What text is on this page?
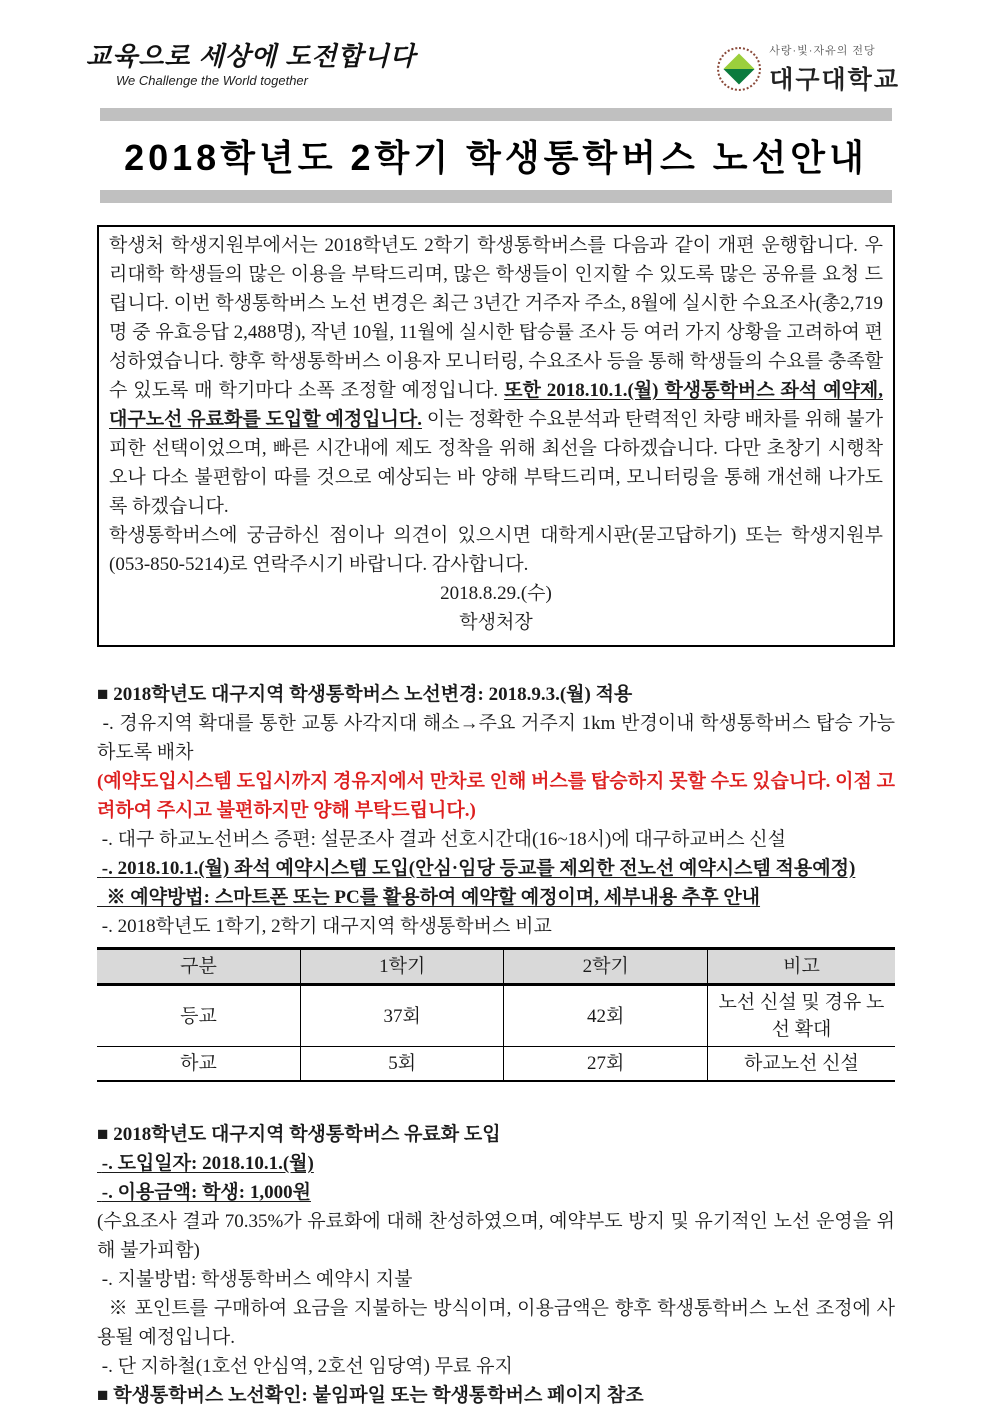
교육으로 세상에 도전합니다
We Challenge the World together
사랑·빛·자유의 전당
대구대학교
2018학년도 2학기 학생통학버스 노선안내

학생처 학생지원부에서는 2018학년도 2학기 학생통학버스를 다음과 같이 개편 운행합니다. 우리대학 학생들의 많은 이용을 부탁드리며, 많은 학생들이 인지할 수 있도록 많은 공유를 요청 드립니다. 이번 학생통학버스 노선 변경은 최근 3년간 거주자 주소, 8월에 실시한 수요조사(총2,719명 중 유효응답 2,488명), 작년 10월, 11월에 실시한 탑승률 조사 등 여러 가지 상황을 고려하여 편성하였습니다. 향후 학생통학버스 이용자 모니터링, 수요조사 등을 통해 학생들의 수요를 충족할 수 있도록 매 학기마다 소폭 조정할 예정입니다. 또한 2018.10.1.(월) 학생통학버스 좌석 예약제, 대구노선 유료화를 도입할 예정입니다. 이는 정확한 수요분석과 탄력적인 차량 배차를 위해 불가피한 선택이었으며, 빠른 시간내에 제도 정착을 위해 최선을 다하겠습니다. 다만 초창기 시행착오나 다소 불편함이 따를 것으로 예상되는 바 양해 부탁드리며, 모니터링을 통해 개선해 나가도록 하겠습니다.

학생통학버스에 궁금하신 점이나 의견이 있으시면 대학게시판(묻고답하기) 또는 학생지원부(053-850-5214)로 연락주시기 바랍니다. 감사합니다.

2018.8.29.(수)

학생처장

■ 2018학년도 대구지역 학생통학버스 노선변경: 2018.9.3.(월) 적용
-. 경유지역 확대를 통한 교통 사각지대 해소→주요 거주지 1km 반경이내 학생통학버스 탑승 가능하도록 배차
(예약도입시스템 도입시까지 경유지에서 만차로 인해 버스를 탑승하지 못할 수도 있습니다. 이점 고려하여 주시고 불편하지만 양해 부탁드립니다.)
-. 대구 하교노선버스 증편: 설문조사 결과 선호시간대(16~18시)에 대구하교버스 신설
-. 2018.10.1.(월) 좌석 예약시스템 도입(안심·임당 등교를 제외한 전노선 예약시스템 적용예정)
※ 예약방법: 스마트폰 또는 PC를 활용하여 예약할 예정이며, 세부내용 추후 안내
-. 2018학년도 1학기, 2학기 대구지역 학생통학버스 비교
구분	1학기	2학기	비고
등교	37회	42회	노선 신설 및 경유 노선 확대
하교	5회	27회	하교노선 신설
■ 2018학년도 대구지역 학생통학버스 유료화 도입
-. 도입일자: 2018.10.1.(월)
-. 이용금액: 학생: 1,000원
(수요조사 결과 70.35%가 유료화에 대해 찬성하였으며, 예약부도 방지 및 유기적인 노선 운영을 위해 불가피함)
-. 지불방법: 학생통학버스 예약시 지불
※ 포인트를 구매하여 요금을 지불하는 방식이며, 이용금액은 향후 학생통학버스 노선 조정에 사용될 예정입니다.
-. 단 지하철(1호선 안심역, 2호선 임당역) 무료 유지
■ 학생통학버스 노선확인: 붙임파일 또는 학생통학버스 페이지 참조
